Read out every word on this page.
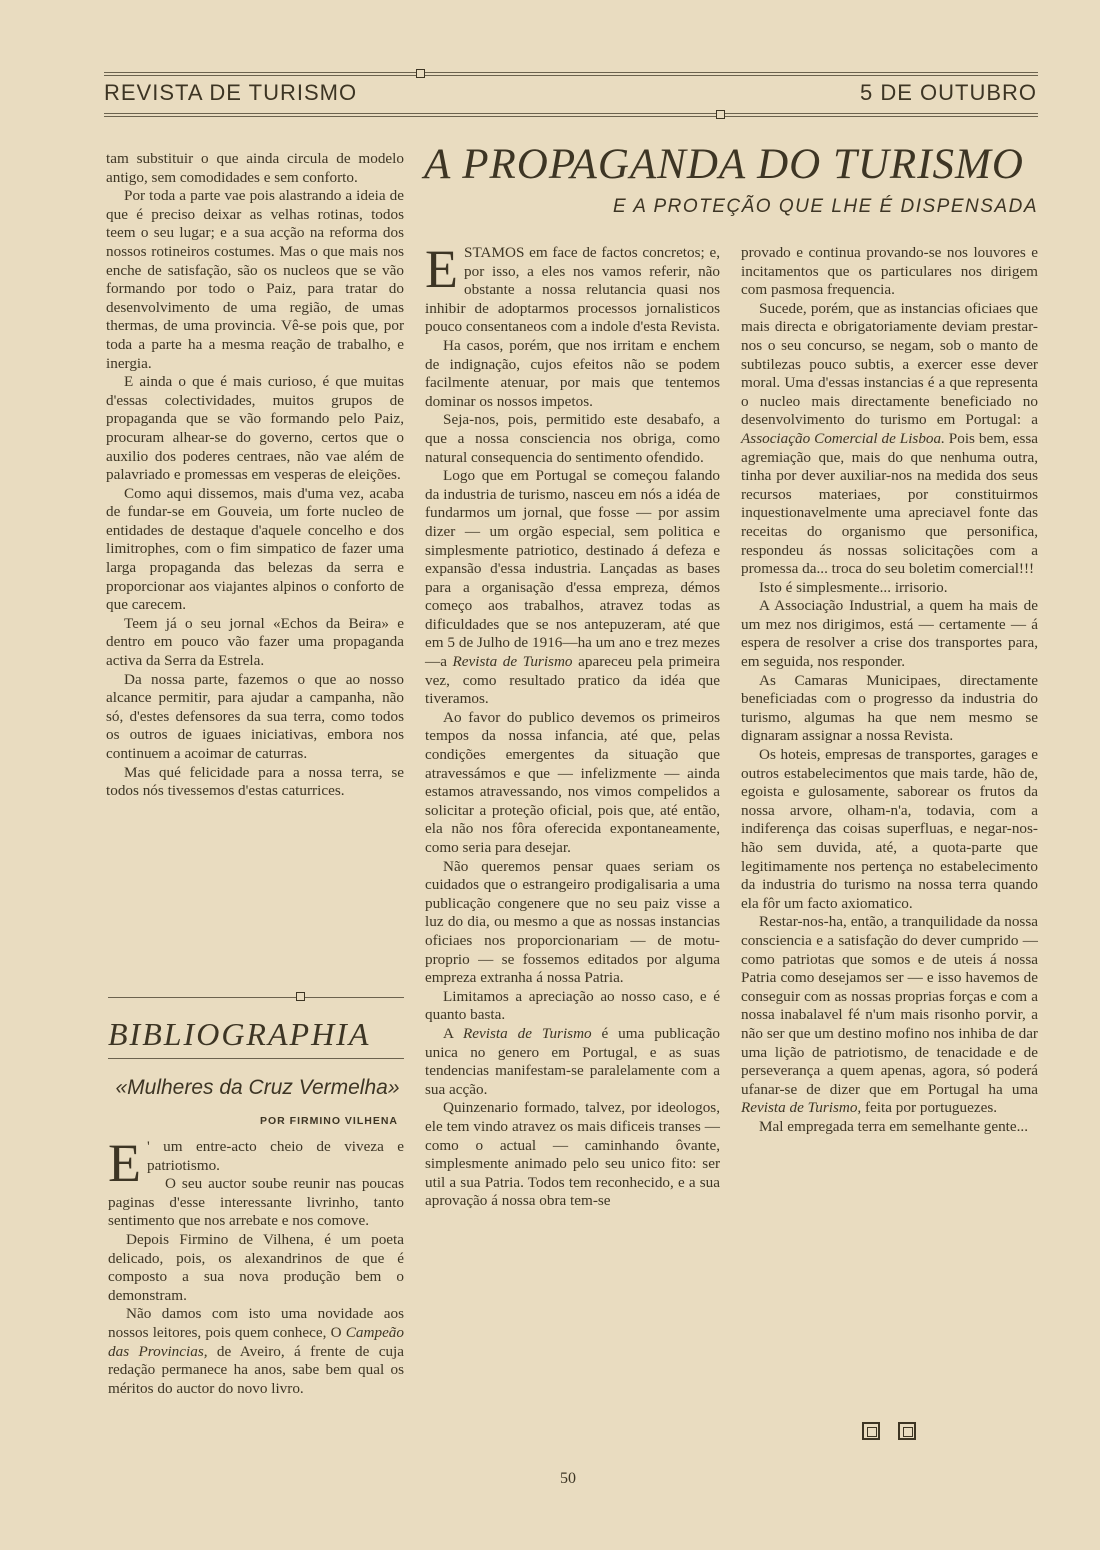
REVISTA DE TURISMO	5 DE OUTUBRO

tam substituir o que ainda circula de modelo antigo, sem comodidades e sem conforto.

Por toda a parte vae pois alastrando a ideia de que é preciso deixar as velhas rotinas, todos teem o seu lugar; e a sua acção na reforma dos nossos rotineiros costumes. Mas o que mais nos enche de satisfação, são os nucleos que se vão formando por todo o Paiz, para tratar do desenvolvimento de uma região, de umas thermas, de uma provincia. Vê-se pois que, por toda a parte ha a mesma reação de trabalho, e inergia.

E ainda o que é mais curioso, é que muitas d'essas colectividades, muitos grupos de propaganda que se vão formando pelo Paiz, procuram alhear-se do governo, certos que o auxilio dos poderes centraes, não vae além de palavriado e promessas em vesperas de eleições.

Como aqui dissemos, mais d'uma vez, acaba de fundar-se em Gouveia, um forte nucleo de entidades de destaque d'aquele concelho e dos limitrophes, com o fim simpatico de fazer uma larga propaganda das belezas da serra e proporcionar aos viajantes alpinos o conforto de que carecem.

Teem já o seu jornal «Echos da Beira» e dentro em pouco vão fazer uma propaganda activa da Serra da Estrela.

Da nossa parte, fazemos o que ao nosso alcance permitir, para ajudar a campanha, não só, d'estes defensores da sua terra, como todos os outros de iguaes iniciativas, embora nos continuem a acoimar de caturras.

Mas qué felicidade para a nossa terra, se todos nós tivessemos d'estas caturrices.

BIBLIOGRAPHIA
«Mulheres da Cruz Vermelha»
POR FIRMINO VILHENA

E ' um entre-acto cheio de viveza e patriotismo.

O seu auctor soube reunir nas poucas paginas d'esse interessante livrinho, tanto sentimento que nos arrebate e nos comove.

Depois Firmino de Vilhena, é um poeta delicado, pois, os alexandrinos de que é composto a sua nova produção bem o demonstram.

Não damos com isto uma novidade aos nossos leitores, pois quem conhece, O Campeão das Provincias, de Aveiro, á frente de cuja redação permanece ha anos, sabe bem qual os méritos do auctor do novo livro.

A PROPAGANDA DO TURISMO
E A PROTEÇÃO QUE LHE É DISPENSADA

ESTAMOS em face de factos concretos; e, por isso, a eles nos vamos referir, não obstante a nossa relutancia quasi nos inhibir de adoptarmos processos jornalisticos pouco consentaneos com a indole d'esta Revista.

Ha casos, porém, que nos irritam e enchem de indignação, cujos efeitos não se podem facilmente atenuar, por mais que tentemos dominar os nossos impetos.

Seja-nos, pois, permitido este desabafo, a que a nossa consciencia nos obriga, como natural consequencia do sentimento ofendido.

Logo que em Portugal se começou falando da industria de turismo, nasceu em nós a idéa de fundarmos um jornal, que fosse — por assim dizer — um orgão especial, sem politica e simplesmente patriotico, destinado á defeza e expansão d'essa industria. Lançadas as bases para a organisação d'essa empreza, démos começo aos trabalhos, atravez todas as dificuldades que se nos antepuzeram, até que em 5 de Julho de 1916—ha um ano e trez mezes—a Revista de Turismo apareceu pela primeira vez, como resultado pratico da idéa que tiveramos.

Ao favor do publico devemos os primeiros tempos da nossa infancia, até que, pelas condições emergentes da situação que atravessámos e que — infelizmente — ainda estamos atravessando, nos vimos compelidos a solicitar a proteção oficial, pois que, até então, ela não nos fôra oferecida expontaneamente, como seria para desejar.

Não queremos pensar quaes seriam os cuidados que o estrangeiro prodigalisaria a uma publicação congenere que no seu paiz visse a luz do dia, ou mesmo a que as nossas instancias oficiaes nos proporcionariam — de motu-proprio — se fossemos editados por alguma empreza extranha á nossa Patria.

Limitamos a apreciação ao nosso caso, e é quanto basta.

A Revista de Turismo é uma publicação unica no genero em Portugal, e as suas tendencias manifestam-se paralelamente com a sua acção.

Quinzenario formado, talvez, por ideologos, ele tem vindo atravez os mais dificeis transes — como o actual — caminhando ôvante, simplesmente animado pelo seu unico fito: ser util a sua Patria. Todos tem reconhecido, e a sua aprovação á nossa obra tem-se

provado e continua provando-se nos louvores e incitamentos que os particulares nos dirigem com pasmosa frequencia.

Sucede, porém, que as instancias oficiaes que mais directa e obrigatoriamente deviam prestar-nos o seu concurso, se negam, sob o manto de subtilezas pouco subtis, a exercer esse dever moral. Uma d'essas instancias é a que representa o nucleo mais directamente beneficiado no desenvolvimento do turismo em Portugal: a Associação Comercial de Lisboa. Pois bem, essa agremiação que, mais do que nenhuma outra, tinha por dever auxiliar-nos na medida dos seus recursos materiaes, por constituirmos inquestionavelmente uma apreciavel fonte das receitas do organismo que personifica, respondeu ás nossas solicitações com a promessa da... troca do seu boletim comercial!!!

Isto é simplesmente... irrisorio.

A Associação Industrial, a quem ha mais de um mez nos dirigimos, está — certamente — á espera de resolver a crise dos transportes para, em seguida, nos responder.

As Camaras Municipaes, directamente beneficiadas com o progresso da industria do turismo, algumas ha que nem mesmo se dignaram assignar a nossa Revista.

Os hoteis, empresas de transportes, garages e outros estabelecimentos que mais tarde, hão de, egoista e gulosamente, saborear os frutos da nossa arvore, olham-n'a, todavia, com a indiferença das coisas superfluas, e negar-nos-hão sem duvida, até, a quota-parte que legitimamente nos pertença no estabelecimento da industria do turismo na nossa terra quando ela fôr um facto axiomatico.

Restar-nos-ha, então, a tranquilidade da nossa consciencia e a satisfação do dever cumprido — como patriotas que somos e de uteis á nossa Patria como desejamos ser — e isso havemos de conseguir com as nossas proprias forças e com a nossa inabalavel fé n'um mais risonho porvir, a não ser que um destino mofino nos inhiba de dar uma lição de patriotismo, de tenacidade e de perseverança a quem apenas, agora, só poderá ufanar-se de dizer que em Portugal ha uma Revista de Turismo, feita por portuguezes.

Mal empregada terra em semelhante gente...

50
